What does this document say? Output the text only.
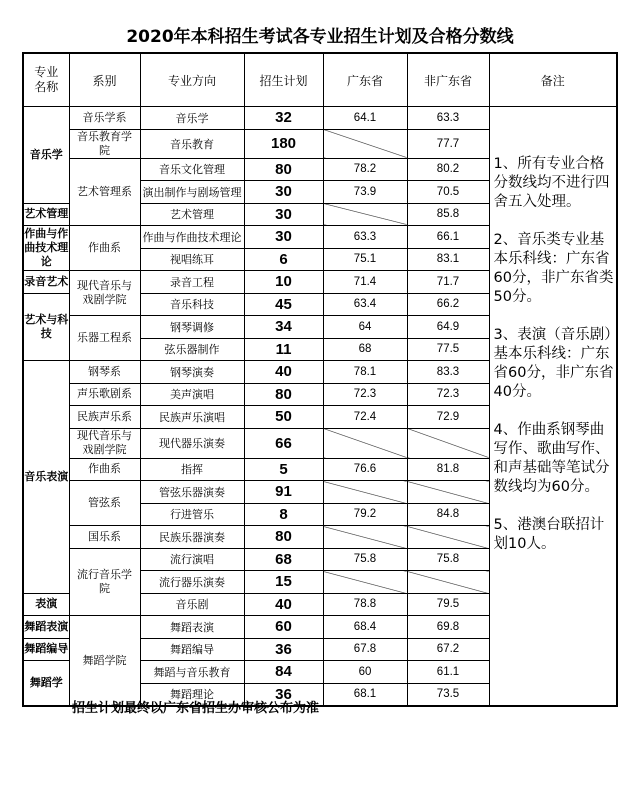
2020年本科招生考试各专业招生计划及合格分数线
专业名称	系别	专业方向	招生计划	广东省	非广东省	备注
音乐学	音乐学系	音乐学	32	64.1	63.3	1、所有专业合格分数线均不进行四舍五入处理。
2、音乐类专业基本乐科线：广东省60分，非广东省类50分。
3、表演（音乐剧）基本乐科线：广东省60分，非广东省40分。
4、作曲系钢琴曲写作、歌曲写作、和声基础等笔试分数线均为60分。
5、港澳台联招计划10人。

	音乐教育学院	音乐教育	180		77.7	
	艺术管理系	音乐文化管理	80	78.2	80.2	
		演出制作与剧场管理	30	73.9	70.5	
艺术管理		艺术管理	30		85.8	
作曲与作曲技术理论	作曲系	作曲与作曲技术理论	30	63.3	66.1	
		视唱练耳	6	75.1	83.1	
录音艺术	现代音乐与戏剧学院	录音工程	10	71.4	71.7	
艺术与科技		音乐科技	45	63.4	66.2	
	乐器工程系	钢琴调修	34	64	64.9	
		弦乐器制作	11	68	77.5	
音乐表演	钢琴系	钢琴演奏	40	78.1	83.3	
	声乐歌剧系	美声演唱	80	72.3	72.3	
	民族声乐系	民族声乐演唱	50	72.4	72.9	
	现代音乐与戏剧学院	现代器乐演奏	66			
	作曲系	指挥	5	76.6	81.8	
	管弦系	管弦乐器演奏	91			
		行进管乐	8	79.2	84.8	
	国乐系	民族乐器演奏	80			
	流行音乐学院	流行演唱	68	75.8	75.8	
		流行器乐演奏	15			
表演		音乐剧	40	78.8	79.5	
舞蹈表演	舞蹈学院	舞蹈表演	60	68.4	69.8	
舞蹈编导		舞蹈编导	36	67.8	67.2	
舞蹈学		舞蹈与音乐教育	84	60	61.1	
		舞蹈理论	36	68.1	73.5	
招生计划最终以广东省招生办审核公布为准
